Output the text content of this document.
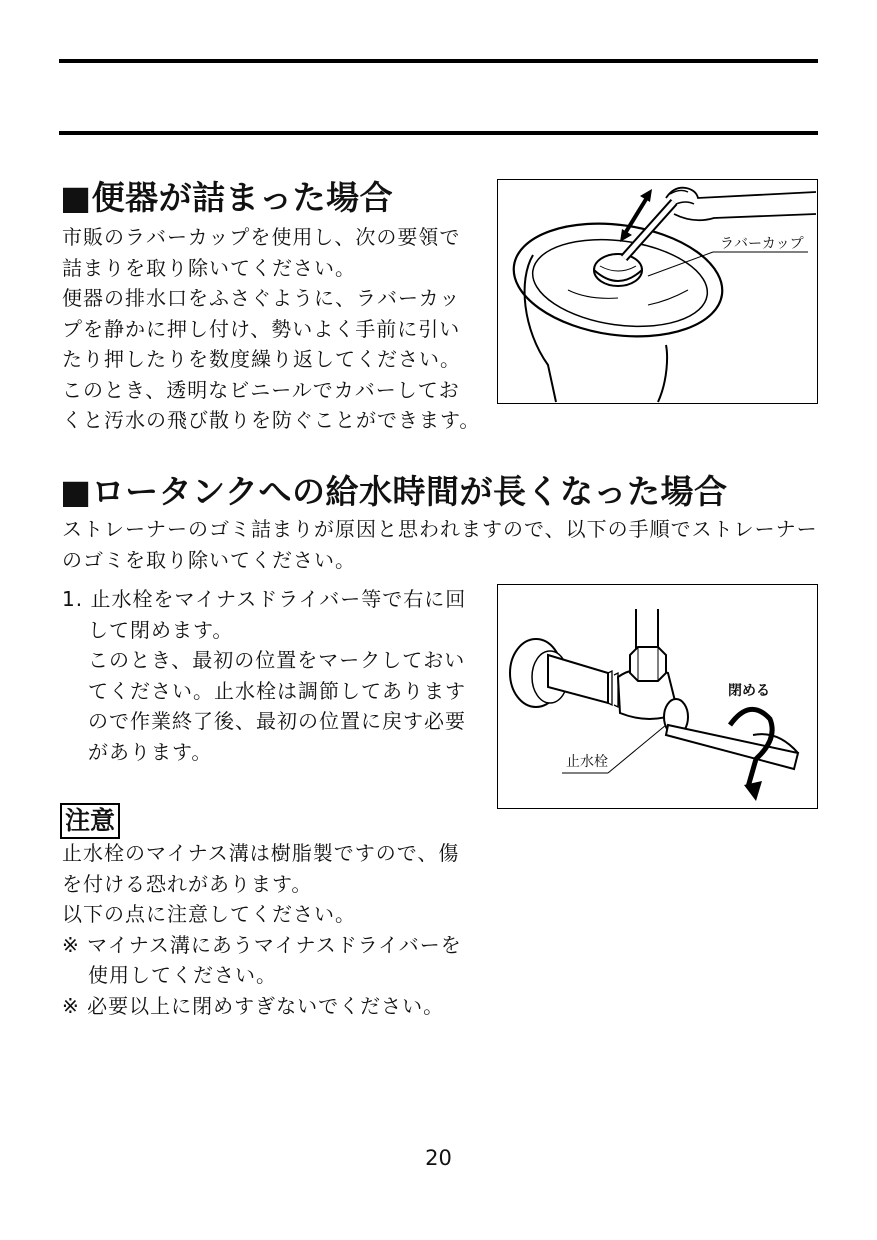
■便器が詰まった場合

市販のラバーカップを使用し、次の要領で

詰まりを取り除いてください。

便器の排水口をふさぐように、ラバーカッ

プを静かに押し付け、勢いよく手前に引い

たり押したりを数度繰り返してください。

このとき、透明なビニールでカバーしてお

くと汚水の飛び散りを防ぐことができます。

ラバーカップ
■ロータンクへの給水時間が長くなった場合

ストレーナーのゴミ詰まりが原因と思われますので、以下の手順でストレーナー

のゴミを取り除いてください。

1. 止水栓をマイナスドライバー等で右に回

して閉めます。

このとき、最初の位置をマークしておい

てください。止水栓は調節してあります

ので作業終了後、最初の位置に戻す必要

があります。

閉める
止水栓
注意

止水栓のマイナス溝は樹脂製ですので、傷

を付ける恐れがあります。

以下の点に注意してください。

※ マイナス溝にあうマイナスドライバーを

使用してください。

※ 必要以上に閉めすぎないでください。

20
